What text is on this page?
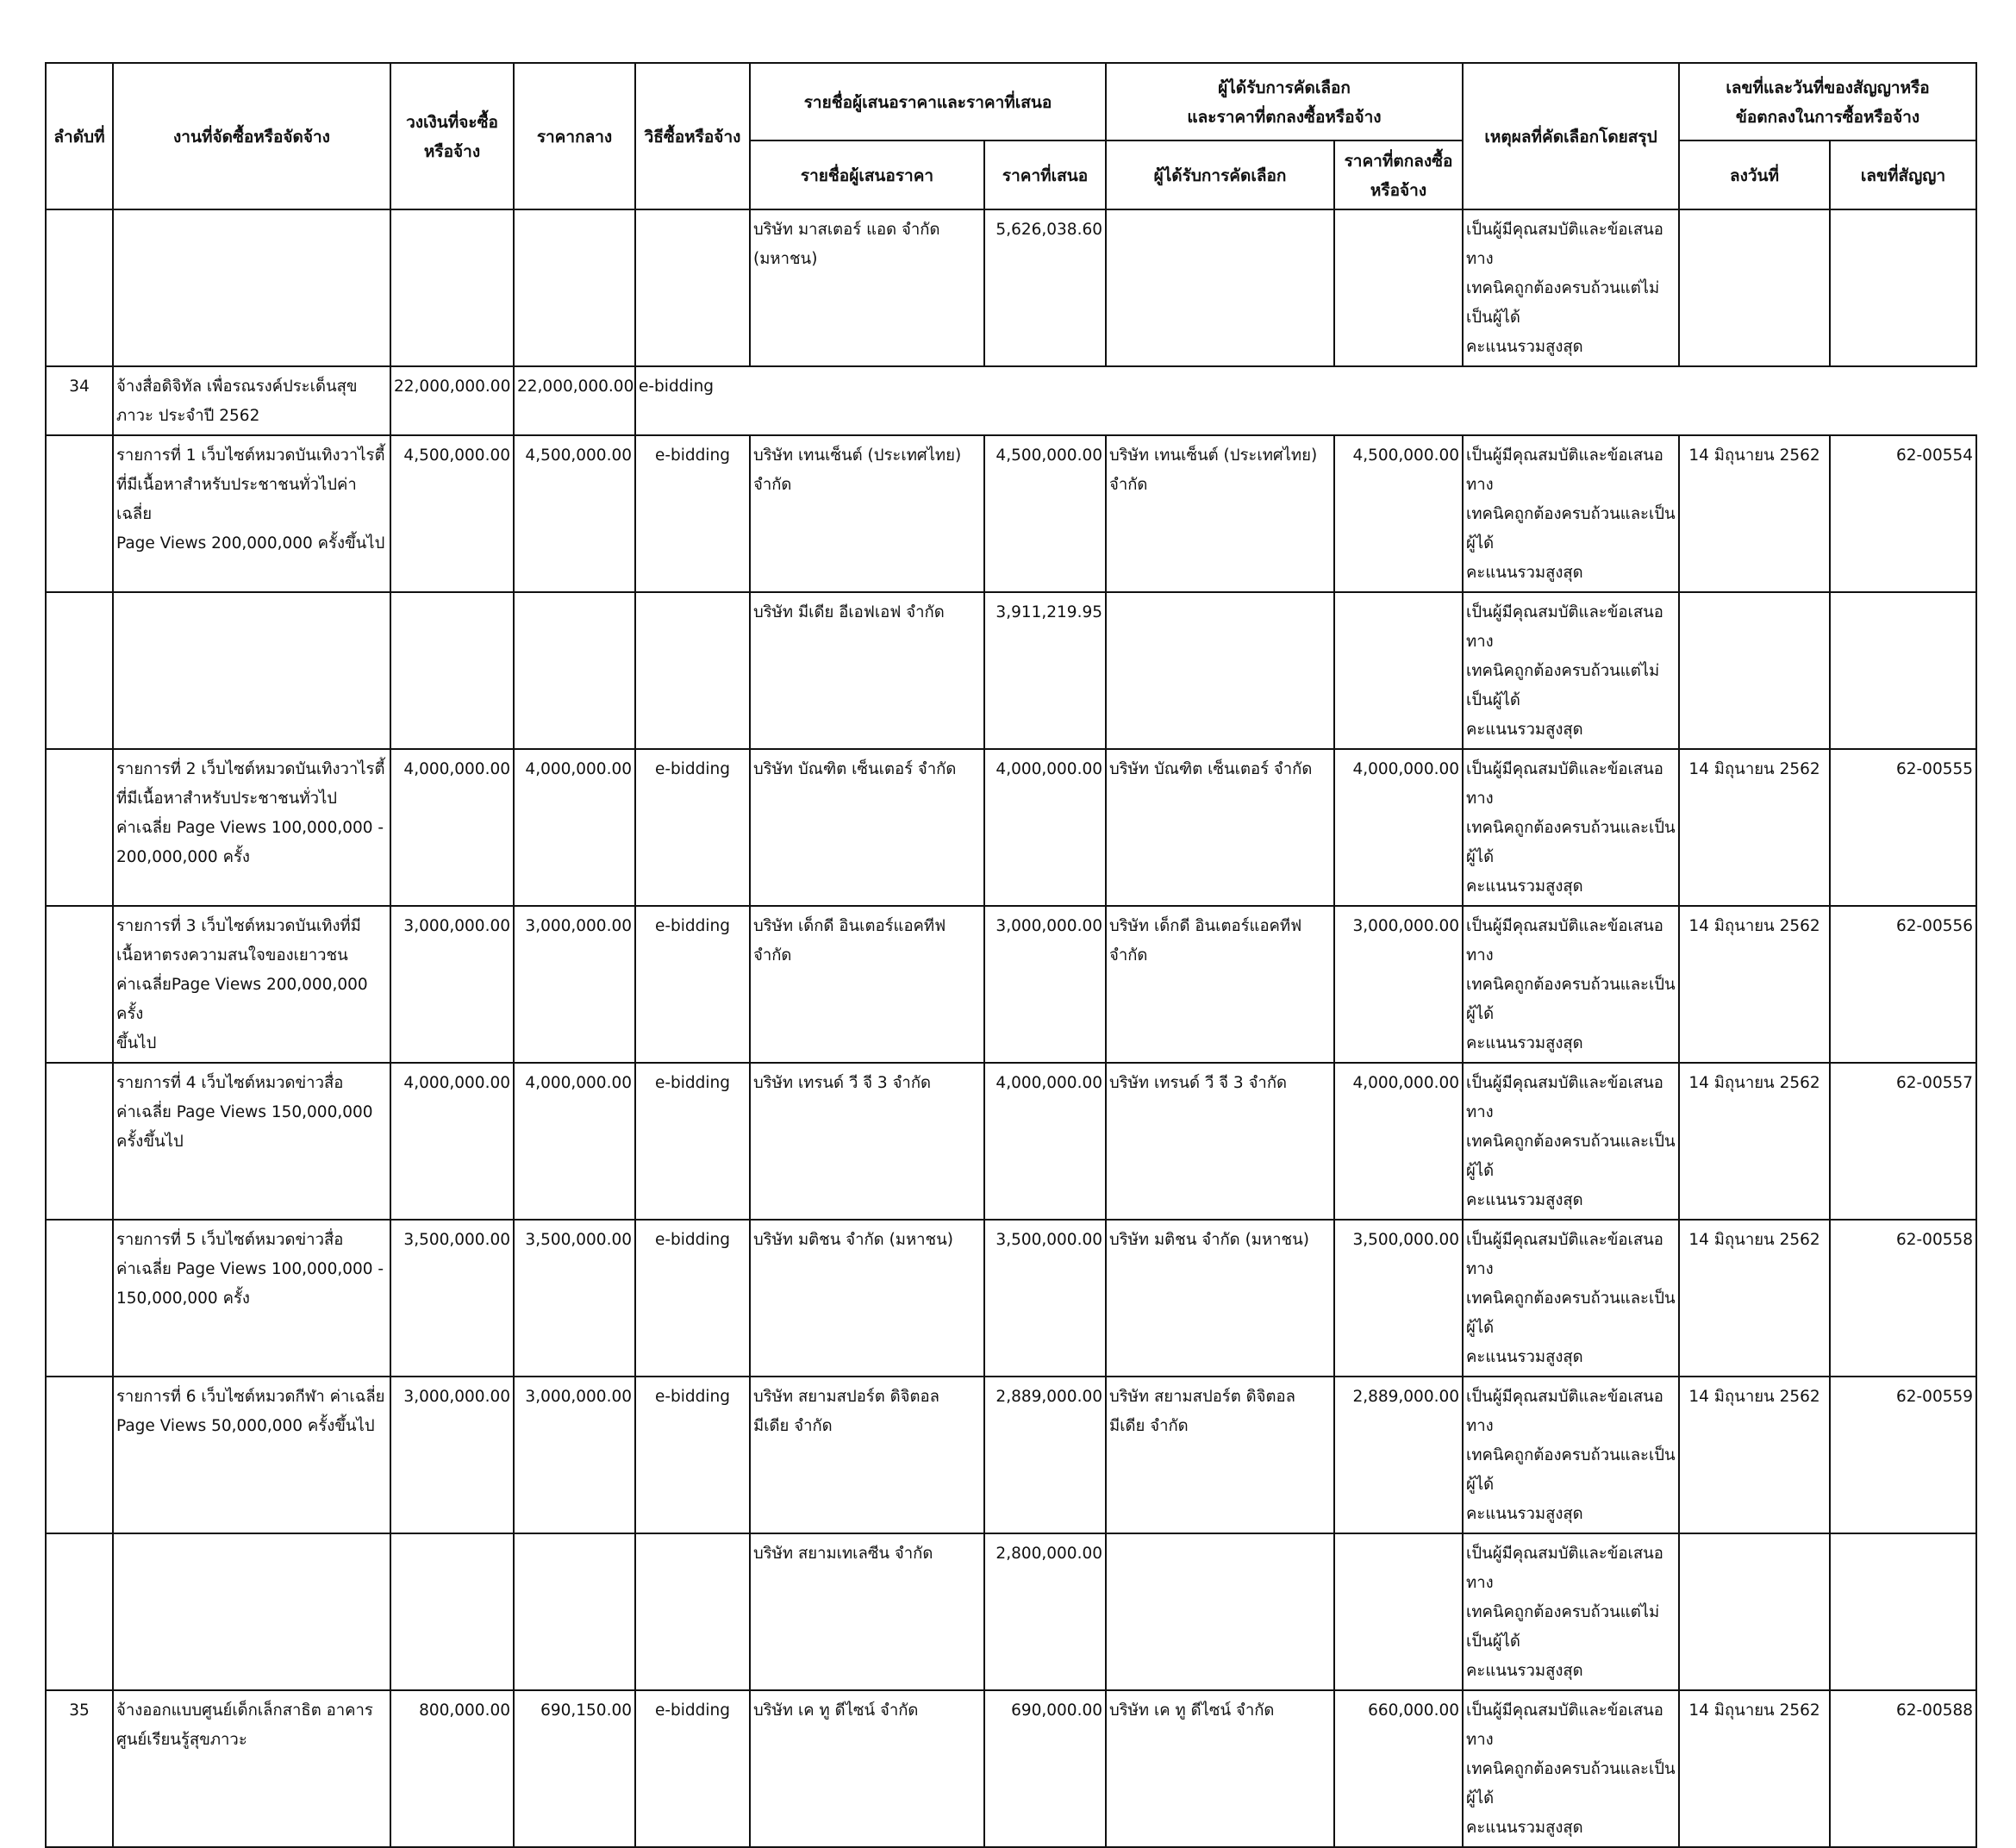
ลำดับที่	งานที่จัดซื้อหรือจัดจ้าง	วงเงินที่จะซื้อ
หรือจ้าง	ราคากลาง	วิธีซื้อหรือจ้าง	รายชื่อผู้เสนอราคาและราคาที่เสนอ		ผู้ได้รับการคัดเลือก
และราคาที่ตกลงซื้อหรือจ้าง		เหตุผลที่คัดเลือกโดยสรุป	เลขที่และวันที่ของสัญญาหรือ
ข้อตกลงในการซื้อหรือจ้าง	
					รายชื่อผู้เสนอราคา	ราคาที่เสนอ	ผู้ได้รับการคัดเลือก	ราคาที่ตกลงซื้อ
หรือจ้าง		ลงวันที่	เลขที่สัญญา
					บริษัท มาสเตอร์ แอด จำกัด
(มหาชน)	5,626,038.60			เป็นผู้มีคุณสมบัติและข้อเสนอทาง
เทคนิคถูกต้องครบถ้วนแต่ไม่เป็นผู้ได้
คะแนนรวมสูงสุด		
34	จ้างสื่อดิจิทัล เพื่อรณรงค์ประเด็นสุข
ภาวะ ประจำปี 2562	22,000,000.00	22,000,000.00	e-bidding							
	รายการที่ 1 เว็บไซต์หมวดบันเทิงวาไรตี้
ที่มีเนื้อหาสำหรับประชาชนทั่วไปค่าเฉลี่ย
Page Views 200,000,000 ครั้งขึ้นไป	4,500,000.00	4,500,000.00	e-bidding	บริษัท เทนเซ็นต์ (ประเทศไทย)
จำกัด	4,500,000.00	บริษัท เทนเซ็นต์ (ประเทศไทย)
จำกัด	4,500,000.00	เป็นผู้มีคุณสมบัติและข้อเสนอทาง
เทคนิคถูกต้องครบถ้วนและเป็นผู้ได้
คะแนนรวมสูงสุด	14 มิถุนายน 2562	62-00554
					บริษัท มีเดีย อีเอฟเอฟ จำกัด	3,911,219.95			เป็นผู้มีคุณสมบัติและข้อเสนอทาง
เทคนิคถูกต้องครบถ้วนแต่ไม่เป็นผู้ได้
คะแนนรวมสูงสุด		
	รายการที่ 2 เว็บไซต์หมวดบันเทิงวาไรตี้
ที่มีเนื้อหาสำหรับประชาชนทั่วไป
ค่าเฉลี่ย Page Views 100,000,000 -
200,000,000 ครั้ง	4,000,000.00	4,000,000.00	e-bidding	บริษัท บัณฑิต เซ็นเตอร์ จำกัด	4,000,000.00	บริษัท บัณฑิต เซ็นเตอร์ จำกัด	4,000,000.00	เป็นผู้มีคุณสมบัติและข้อเสนอทาง
เทคนิคถูกต้องครบถ้วนและเป็นผู้ได้
คะแนนรวมสูงสุด	14 มิถุนายน 2562	62-00555
	รายการที่ 3 เว็บไซต์หมวดบันเทิงที่มี
เนื้อหาตรงความสนใจของเยาวชน
ค่าเฉลี่ยPage Views 200,000,000 ครั้ง
ขึ้นไป	3,000,000.00	3,000,000.00	e-bidding	บริษัท เด็กดี อินเตอร์แอคทีฟ
จำกัด	3,000,000.00	บริษัท เด็กดี อินเตอร์แอคทีฟ
จำกัด	3,000,000.00	เป็นผู้มีคุณสมบัติและข้อเสนอทาง
เทคนิคถูกต้องครบถ้วนและเป็นผู้ได้
คะแนนรวมสูงสุด	14 มิถุนายน 2562	62-00556
	รายการที่ 4 เว็บไซต์หมวดข่าวสื่อ
ค่าเฉลี่ย Page Views 150,000,000
ครั้งขึ้นไป	4,000,000.00	4,000,000.00	e-bidding	บริษัท เทรนด์ วี จี 3 จำกัด	4,000,000.00	บริษัท เทรนด์ วี จี 3 จำกัด	4,000,000.00	เป็นผู้มีคุณสมบัติและข้อเสนอทาง
เทคนิคถูกต้องครบถ้วนและเป็นผู้ได้
คะแนนรวมสูงสุด	14 มิถุนายน 2562	62-00557
	รายการที่ 5 เว็บไซต์หมวดข่าวสื่อ
ค่าเฉลี่ย Page Views 100,000,000 -
150,000,000 ครั้ง	3,500,000.00	3,500,000.00	e-bidding	บริษัท มติชน จำกัด (มหาชน)	3,500,000.00	บริษัท มติชน จำกัด (มหาชน)	3,500,000.00	เป็นผู้มีคุณสมบัติและข้อเสนอทาง
เทคนิคถูกต้องครบถ้วนและเป็นผู้ได้
คะแนนรวมสูงสุด	14 มิถุนายน 2562	62-00558
	รายการที่ 6 เว็บไซต์หมวดกีฬา ค่าเฉลี่ย
Page Views 50,000,000 ครั้งขึ้นไป	3,000,000.00	3,000,000.00	e-bidding	บริษัท สยามสปอร์ต ดิจิตอล
มีเดีย จำกัด	2,889,000.00	บริษัท สยามสปอร์ต ดิจิตอล
มีเดีย จำกัด	2,889,000.00	เป็นผู้มีคุณสมบัติและข้อเสนอทาง
เทคนิคถูกต้องครบถ้วนและเป็นผู้ได้
คะแนนรวมสูงสุด	14 มิถุนายน 2562	62-00559
					บริษัท สยามเทเลซีน จำกัด	2,800,000.00			เป็นผู้มีคุณสมบัติและข้อเสนอทาง
เทคนิคถูกต้องครบถ้วนแต่ไม่เป็นผู้ได้
คะแนนรวมสูงสุด		
35	จ้างออกแบบศูนย์เด็กเล็กสาธิต อาคาร
ศูนย์เรียนรู้สุขภาวะ	800,000.00	690,150.00	e-bidding	บริษัท เค ทู ดีไซน์ จำกัด	690,000.00	บริษัท เค ทู ดีไซน์ จำกัด	660,000.00	เป็นผู้มีคุณสมบัติและข้อเสนอทาง
เทคนิคถูกต้องครบถ้วนและเป็นผู้ได้
คะแนนรวมสูงสุด	14 มิถุนายน 2562	62-00588
